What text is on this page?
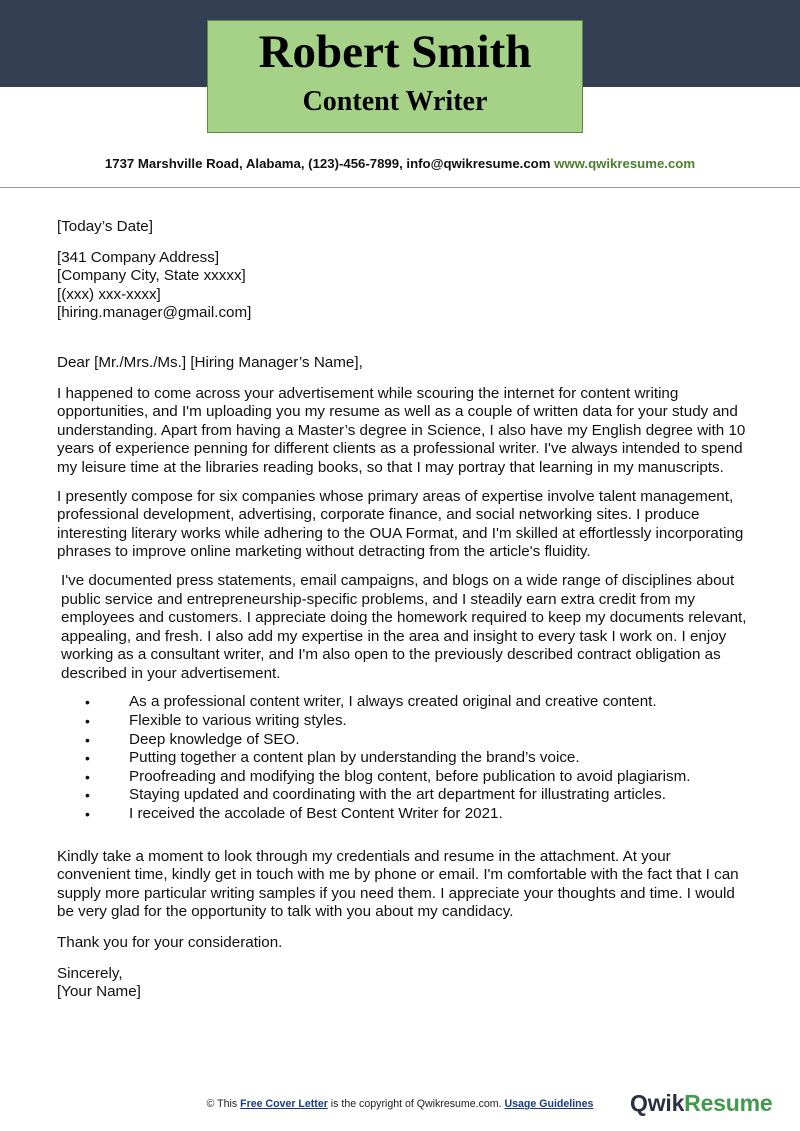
Robert Smith
Content Writer
1737 Marshville Road, Alabama, (123)-456-7899, info@qwikresume.com www.qwikresume.com

[Today’s Date]

[341 Company Address]
[Company City, State xxxxx]
[(xxx) xxx-xxxx]
[hiring.manager@gmail.com]

Dear [Mr./Mrs./Ms.] [Hiring Manager’s Name],

I happened to come across your advertisement while scouring the internet for content writing opportunities, and I'm uploading you my resume as well as a couple of written data for your study and understanding. Apart from having a Master’s degree in Science, I also have my English degree with 10 years of experience penning for different clients as a professional writer. I've always intended to spend my leisure time at the libraries reading books, so that I may portray that learning in my manuscripts.

I presently compose for six companies whose primary areas of expertise involve talent management, professional development, advertising, corporate finance, and social networking sites. I produce interesting literary works while adhering to the OUA Format, and I'm skilled at effortlessly incorporating phrases to improve online marketing without detracting from the article's fluidity.

I've documented press statements, email campaigns, and blogs on a wide range of disciplines about public service and entrepreneurship-specific problems, and I steadily earn extra credit from my employees and customers. I appreciate doing the homework required to keep my documents relevant, appealing, and fresh. I also add my expertise in the area and insight to every task I work on. I enjoy working as a consultant writer, and I'm also open to the previously described contract obligation as described in your advertisement.

•	As a professional content writer, I always created original and creative content.
•	Flexible to various writing styles.
•	Deep knowledge of SEO.
•	Putting together a content plan by understanding the brand’s voice.
•	Proofreading and modifying the blog content, before publication to avoid plagiarism.
•	Staying updated and coordinating with the art department for illustrating articles.
•	I received the accolade of Best Content Writer for 2021.

Kindly take a moment to look through my credentials and resume in the attachment. At your convenient time, kindly get in touch with me by phone or email. I'm comfortable with the fact that I can supply more particular writing samples if you need them. I appreciate your thoughts and time. I would be very glad for the opportunity to talk with you about my candidacy.

Thank you for your consideration.

Sincerely,
[Your Name]

© This Free Cover Letter is the copyright of Qwikresume.com. Usage Guidelines	QwikResume
